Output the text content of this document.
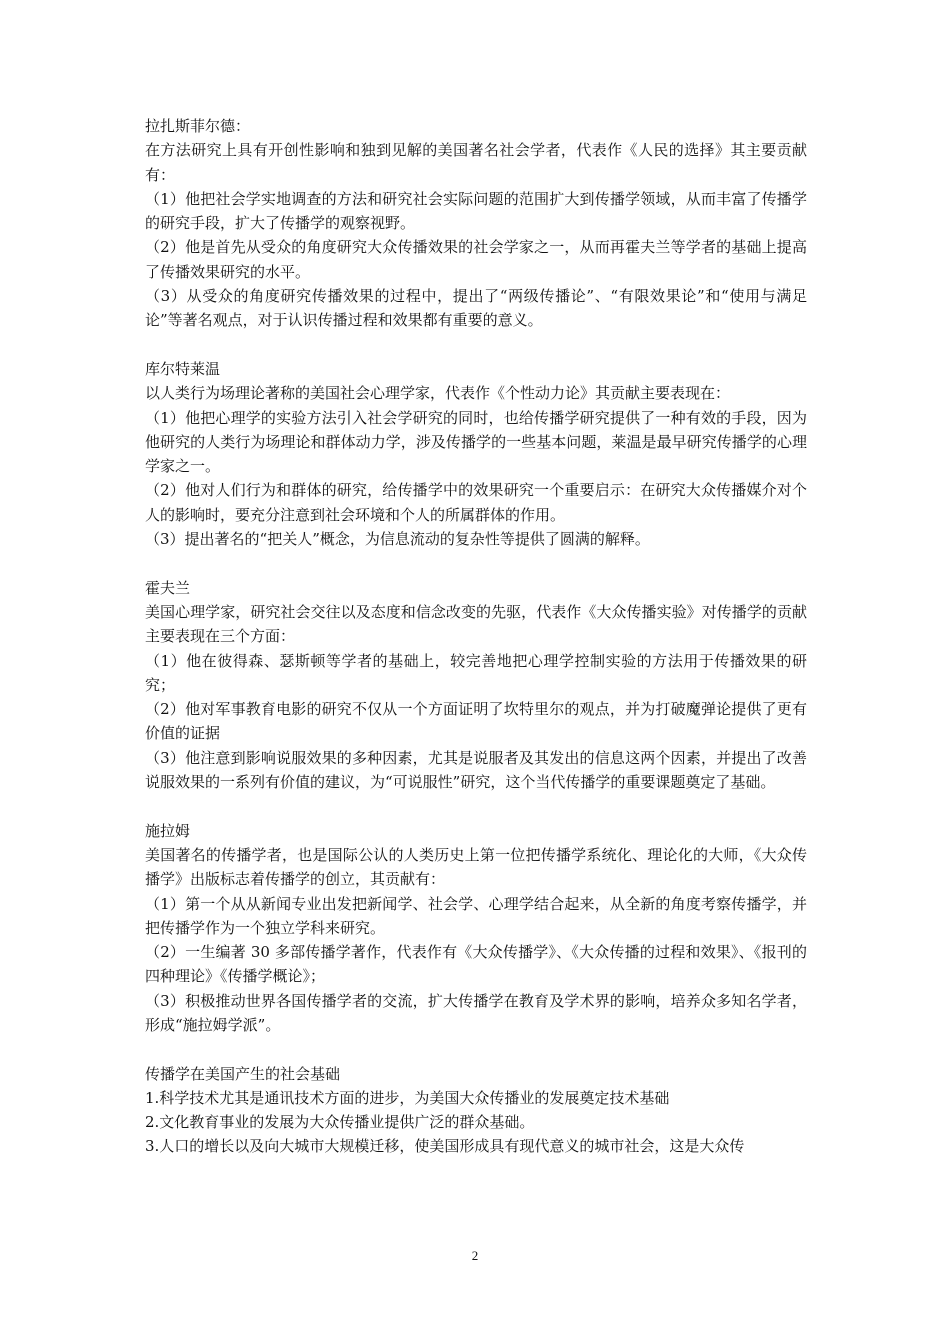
拉扎斯菲尔德：
在方法研究上具有开创性影响和独到见解的美国著名社会学者，代表作《人民的选择》其主要贡献有：
（1）他把社会学实地调查的方法和研究社会实际问题的范围扩大到传播学领域，从而丰富了传播学的研究手段，扩大了传播学的观察视野。
（2）他是首先从受众的角度研究大众传播效果的社会学家之一，从而再霍夫兰等学者的基础上提高了传播效果研究的水平。
（3）从受众的角度研究传播效果的过程中，提出了“两级传播论”、“有限效果论”和“使用与满足论”等著名观点，对于认识传播过程和效果都有重要的意义。
库尔特莱温
以人类行为场理论著称的美国社会心理学家，代表作《个性动力论》其贡献主要表现在：
（1）他把心理学的实验方法引入社会学研究的同时，也给传播学研究提供了一种有效的手段，因为他研究的人类行为场理论和群体动力学，涉及传播学的一些基本问题，莱温是最早研究传播学的心理学家之一。
（2）他对人们行为和群体的研究，给传播学中的效果研究一个重要启示：在研究大众传播媒介对个人的影响时，要充分注意到社会环境和个人的所属群体的作用。
（3）提出著名的“把关人”概念，为信息流动的复杂性等提供了圆满的解释。
霍夫兰
美国心理学家，研究社会交往以及态度和信念改变的先驱，代表作《大众传播实验》对传播学的贡献主要表现在三个方面：
（1）他在彼得森、瑟斯顿等学者的基础上，较完善地把心理学控制实验的方法用于传播效果的研究；
（2）他对军事教育电影的研究不仅从一个方面证明了坎特里尔的观点，并为打破魔弹论提供了更有价值的证据
（3）他注意到影响说服效果的多种因素，尤其是说服者及其发出的信息这两个因素，并提出了改善说服效果的一系列有价值的建议，为“可说服性”研究，这个当代传播学的重要课题奠定了基础。
施拉姆
美国著名的传播学者，也是国际公认的人类历史上第一位把传播学系统化、理论化的大师，《大众传播学》出版标志着传播学的创立，其贡献有：
（1）第一个从从新闻专业出发把新闻学、社会学、心理学结合起来，从全新的角度考察传播学，并把传播学作为一个独立学科来研究。
（2）一生编著 30 多部传播学著作，代表作有《大众传播学》、《大众传播的过程和效果》、《报刊的四种理论》《传播学概论》；
（3）积极推动世界各国传播学者的交流，扩大传播学在教育及学术界的影响，培养众多知名学者，形成“施拉姆学派”。
传播学在美国产生的社会基础
1.科学技术尤其是通讯技术方面的进步，为美国大众传播业的发展奠定技术基础
2.文化教育事业的发展为大众传播业提供广泛的群众基础。
3.人口的增长以及向大城市大规模迁移，使美国形成具有现代意义的城市社会，这是大众传
2
